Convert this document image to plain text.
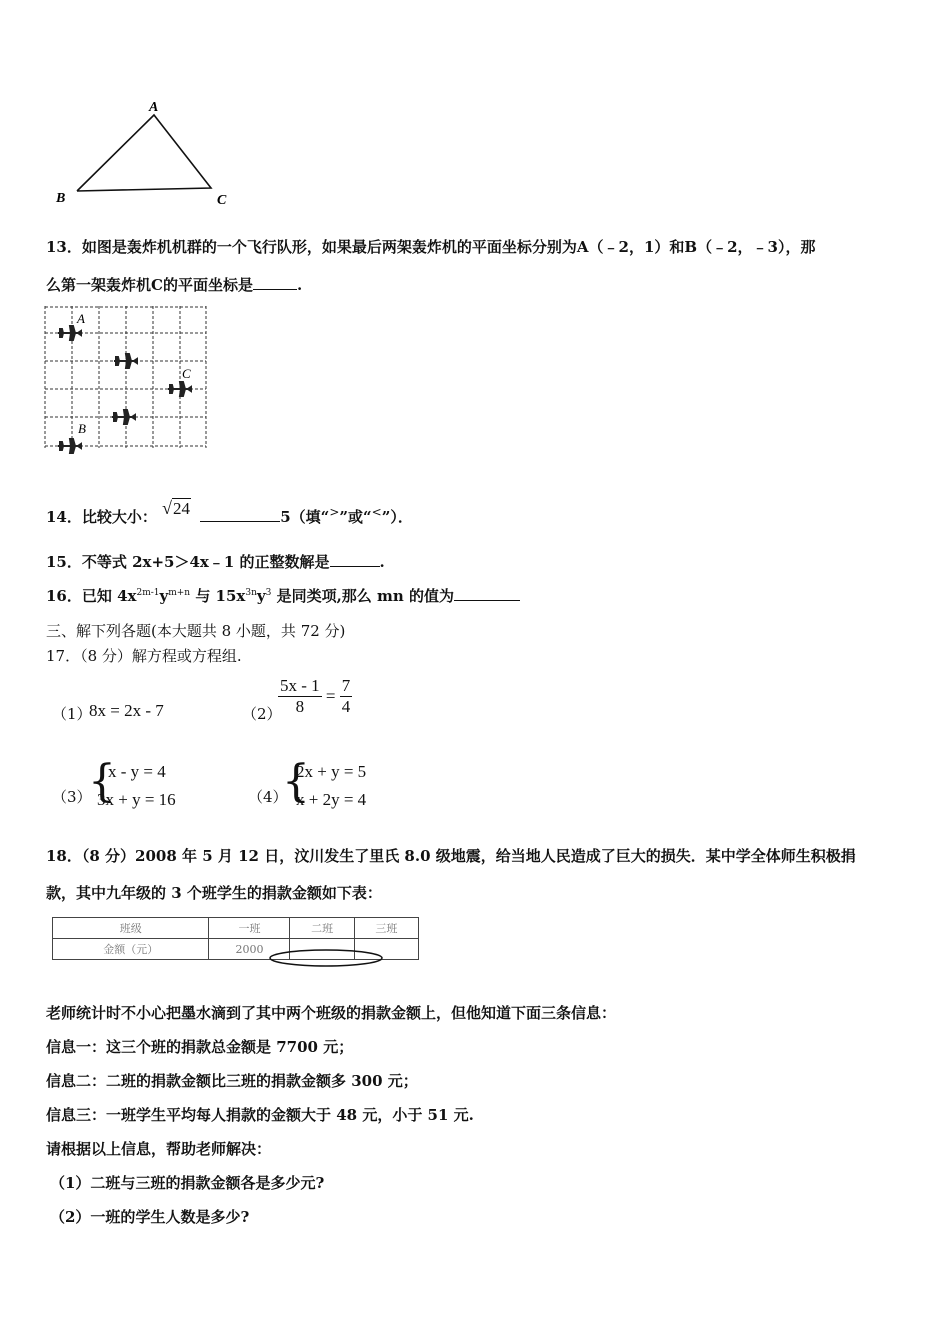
A
B	C
13．如图是轰炸机机群的一个飞行队形，如果最后两架轰炸机的平面坐标分别为A（﹣2，1）和B（﹣2，﹣3），那
么第一架轰炸机C的平面坐标是	.
A
C
B
14．比较大小： √24	5（填“>”或“<”）．
15．不等式 2x+5＞4x﹣1 的正整数解是	.
16．已知 $4x^{2m-1}y^{m+n}$ 与 $15x^{3n}y^3$ 是同类项,那么 mn 的值为
三、解下列各题(本大题共 8 小题，共 72 分)
17．（8 分）解方程或方程组.
（1）
8x = 2x - 7	（2）
$\frac{5x - 1}{8} = \frac{7}{4}$
（3）
{
x - y = 4
3x + y = 16	（4）
{
2x + y = 5
x + 2y = 4
18．（8 分）2008 年 5 月 12 日，汶川发生了里氏 8.0 级地震，给当地人民造成了巨大的损失．某中学全体师生积极捐
款，其中九年级的 3 个班学生的捐款金额如下表：
班级	一班	二班	三班
金额（元）	2000		
老师统计时不小心把墨水滴到了其中两个班级的捐款金额上，但他知道下面三条信息：
信息一：这三个班的捐款总金额是 7700 元；
信息二：二班的捐款金额比三班的捐款金额多 300 元；
信息三：一班学生平均每人捐款的金额大于 48 元，小于 51 元.
请根据以上信息，帮助老师解决：
（1）二班与三班的捐款金额各是多少元?
（2）一班的学生人数是多少?
